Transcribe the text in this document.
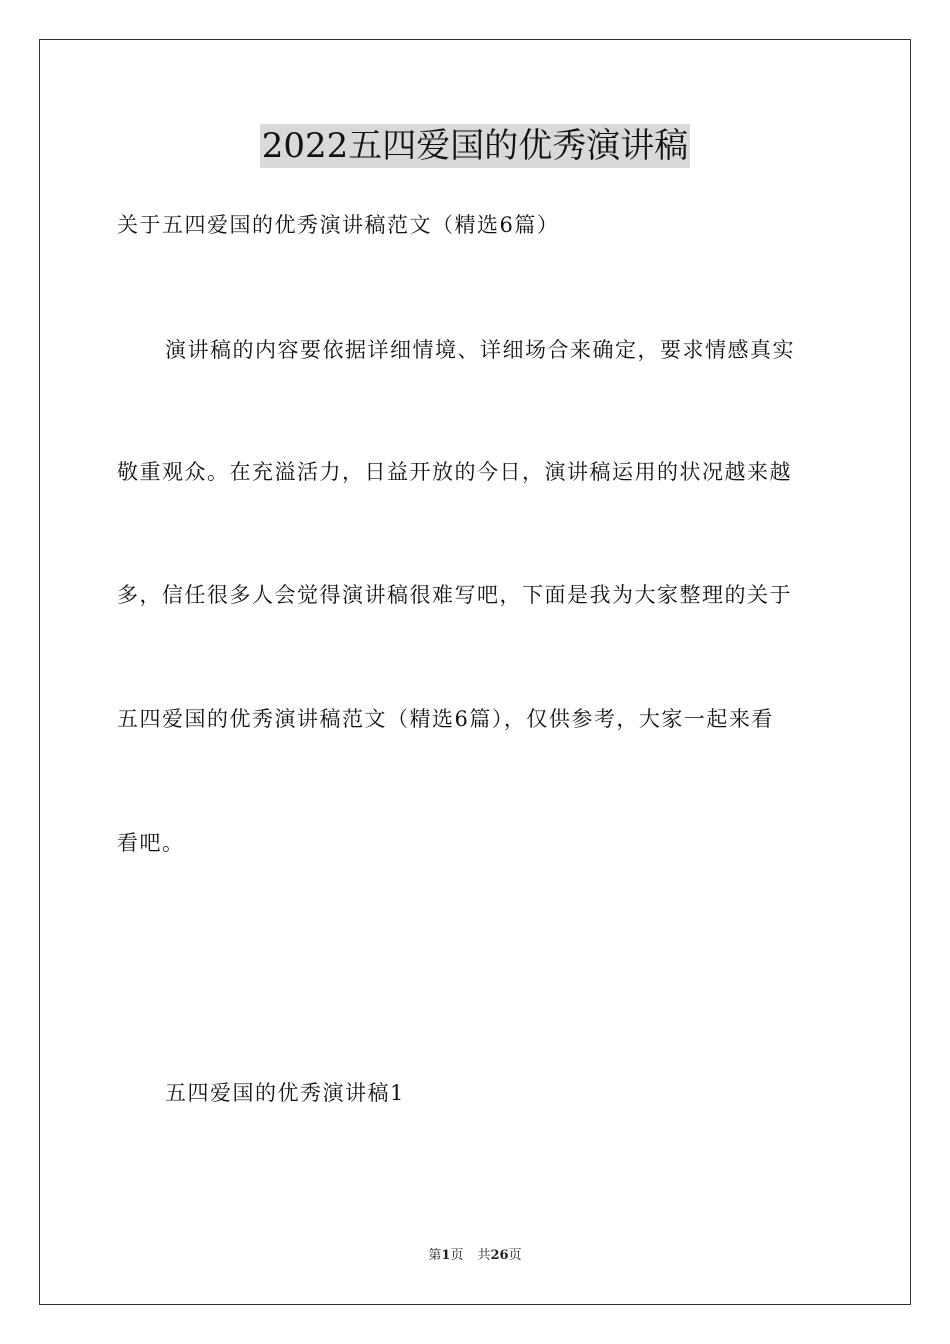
2022五四爱国的优秀演讲稿
关于五四爱国的优秀演讲稿范文（精选6篇）
演讲稿的内容要依据详细情境、详细场合来确定，要求情感真实
敬重观众。在充溢活力，日益开放的今日，演讲稿运用的状况越来越
多，信任很多人会觉得演讲稿很难写吧，下面是我为大家整理的关于
五四爱国的优秀演讲稿范文（精选6篇），仅供参考，大家一起来看
看吧。
五四爱国的优秀演讲稿1
第1页 共26页
